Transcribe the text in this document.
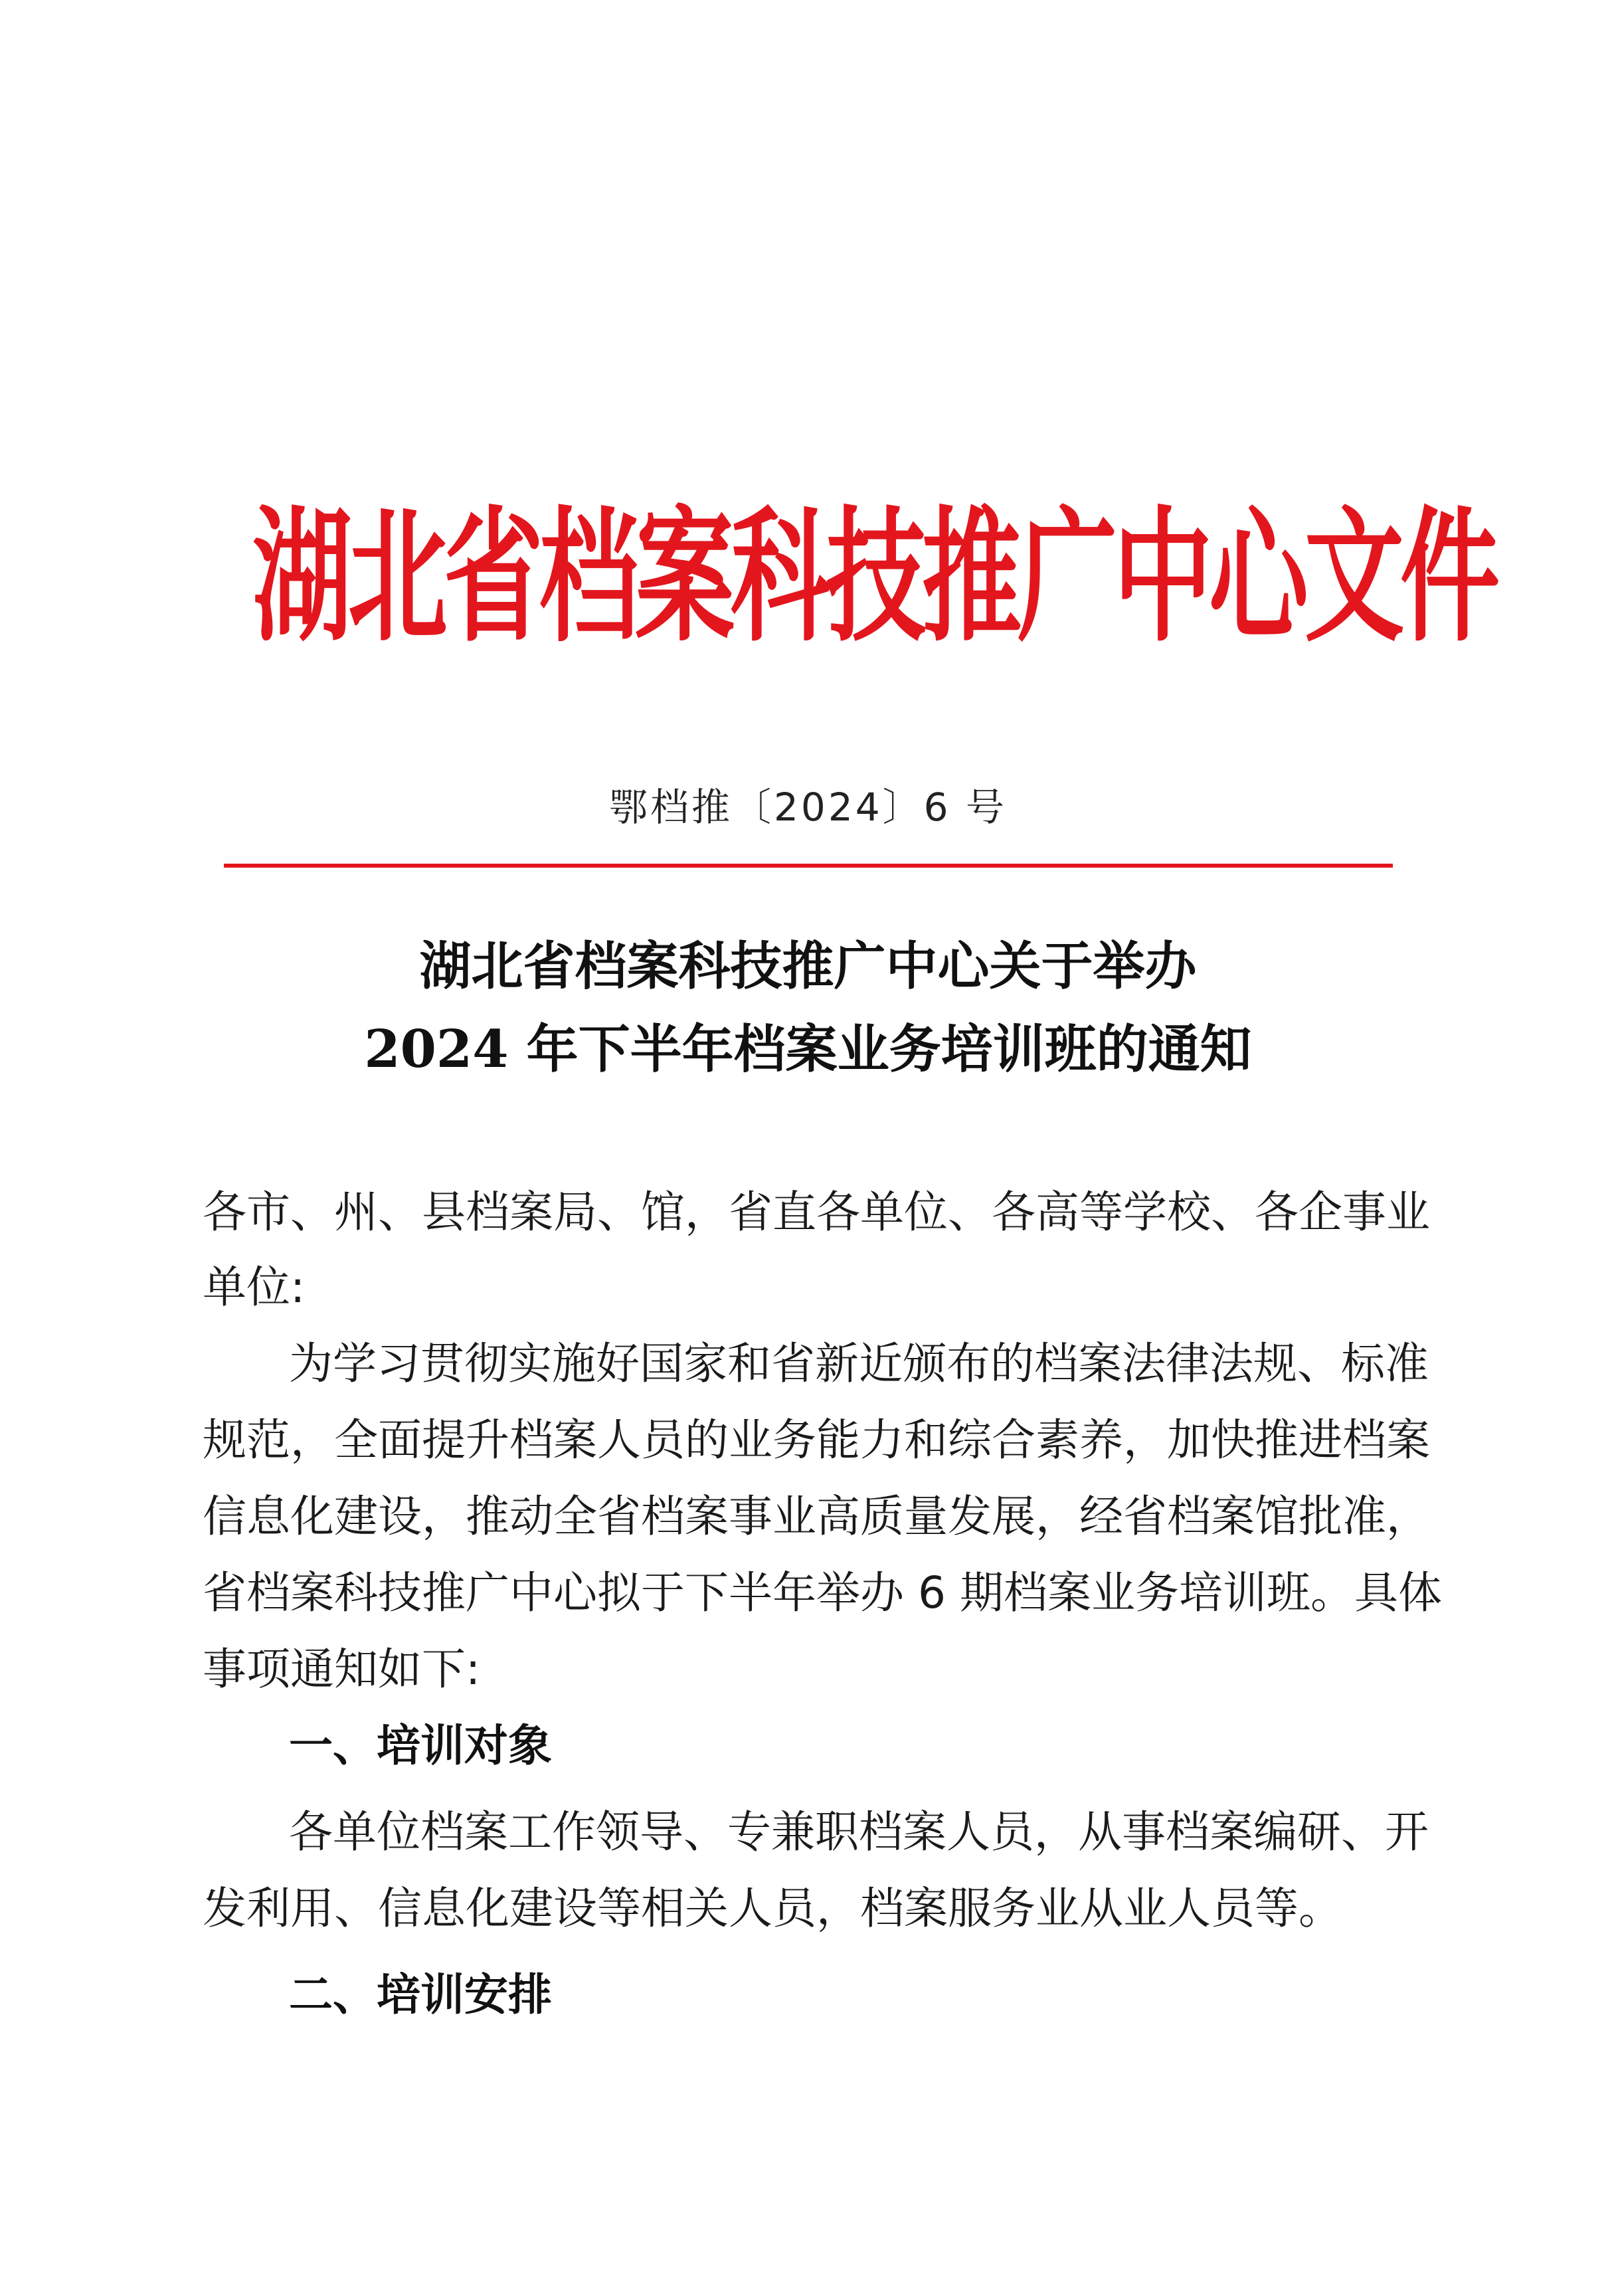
湖北省档案科技推广中心文件
鄂档推〔2024〕6 号
湖北省档案科技推广中心关于举办
2024 年下半年档案业务培训班的通知
各市、州、县档案局、馆，省直各单位、各高等学校、各企事业
单位:
为学习贯彻实施好国家和省新近颁布的档案法律法规、标准
规范，全面提升档案人员的业务能力和综合素养，加快推进档案
信息化建设，推动全省档案事业高质量发展，经省档案馆批准，
省档案科技推广中心拟于下半年举办 6 期档案业务培训班。具体
事项通知如下:
一、培训对象
各单位档案工作领导、专兼职档案人员，从事档案编研、开
发利用、信息化建设等相关人员，档案服务业从业人员等。
二、培训安排
